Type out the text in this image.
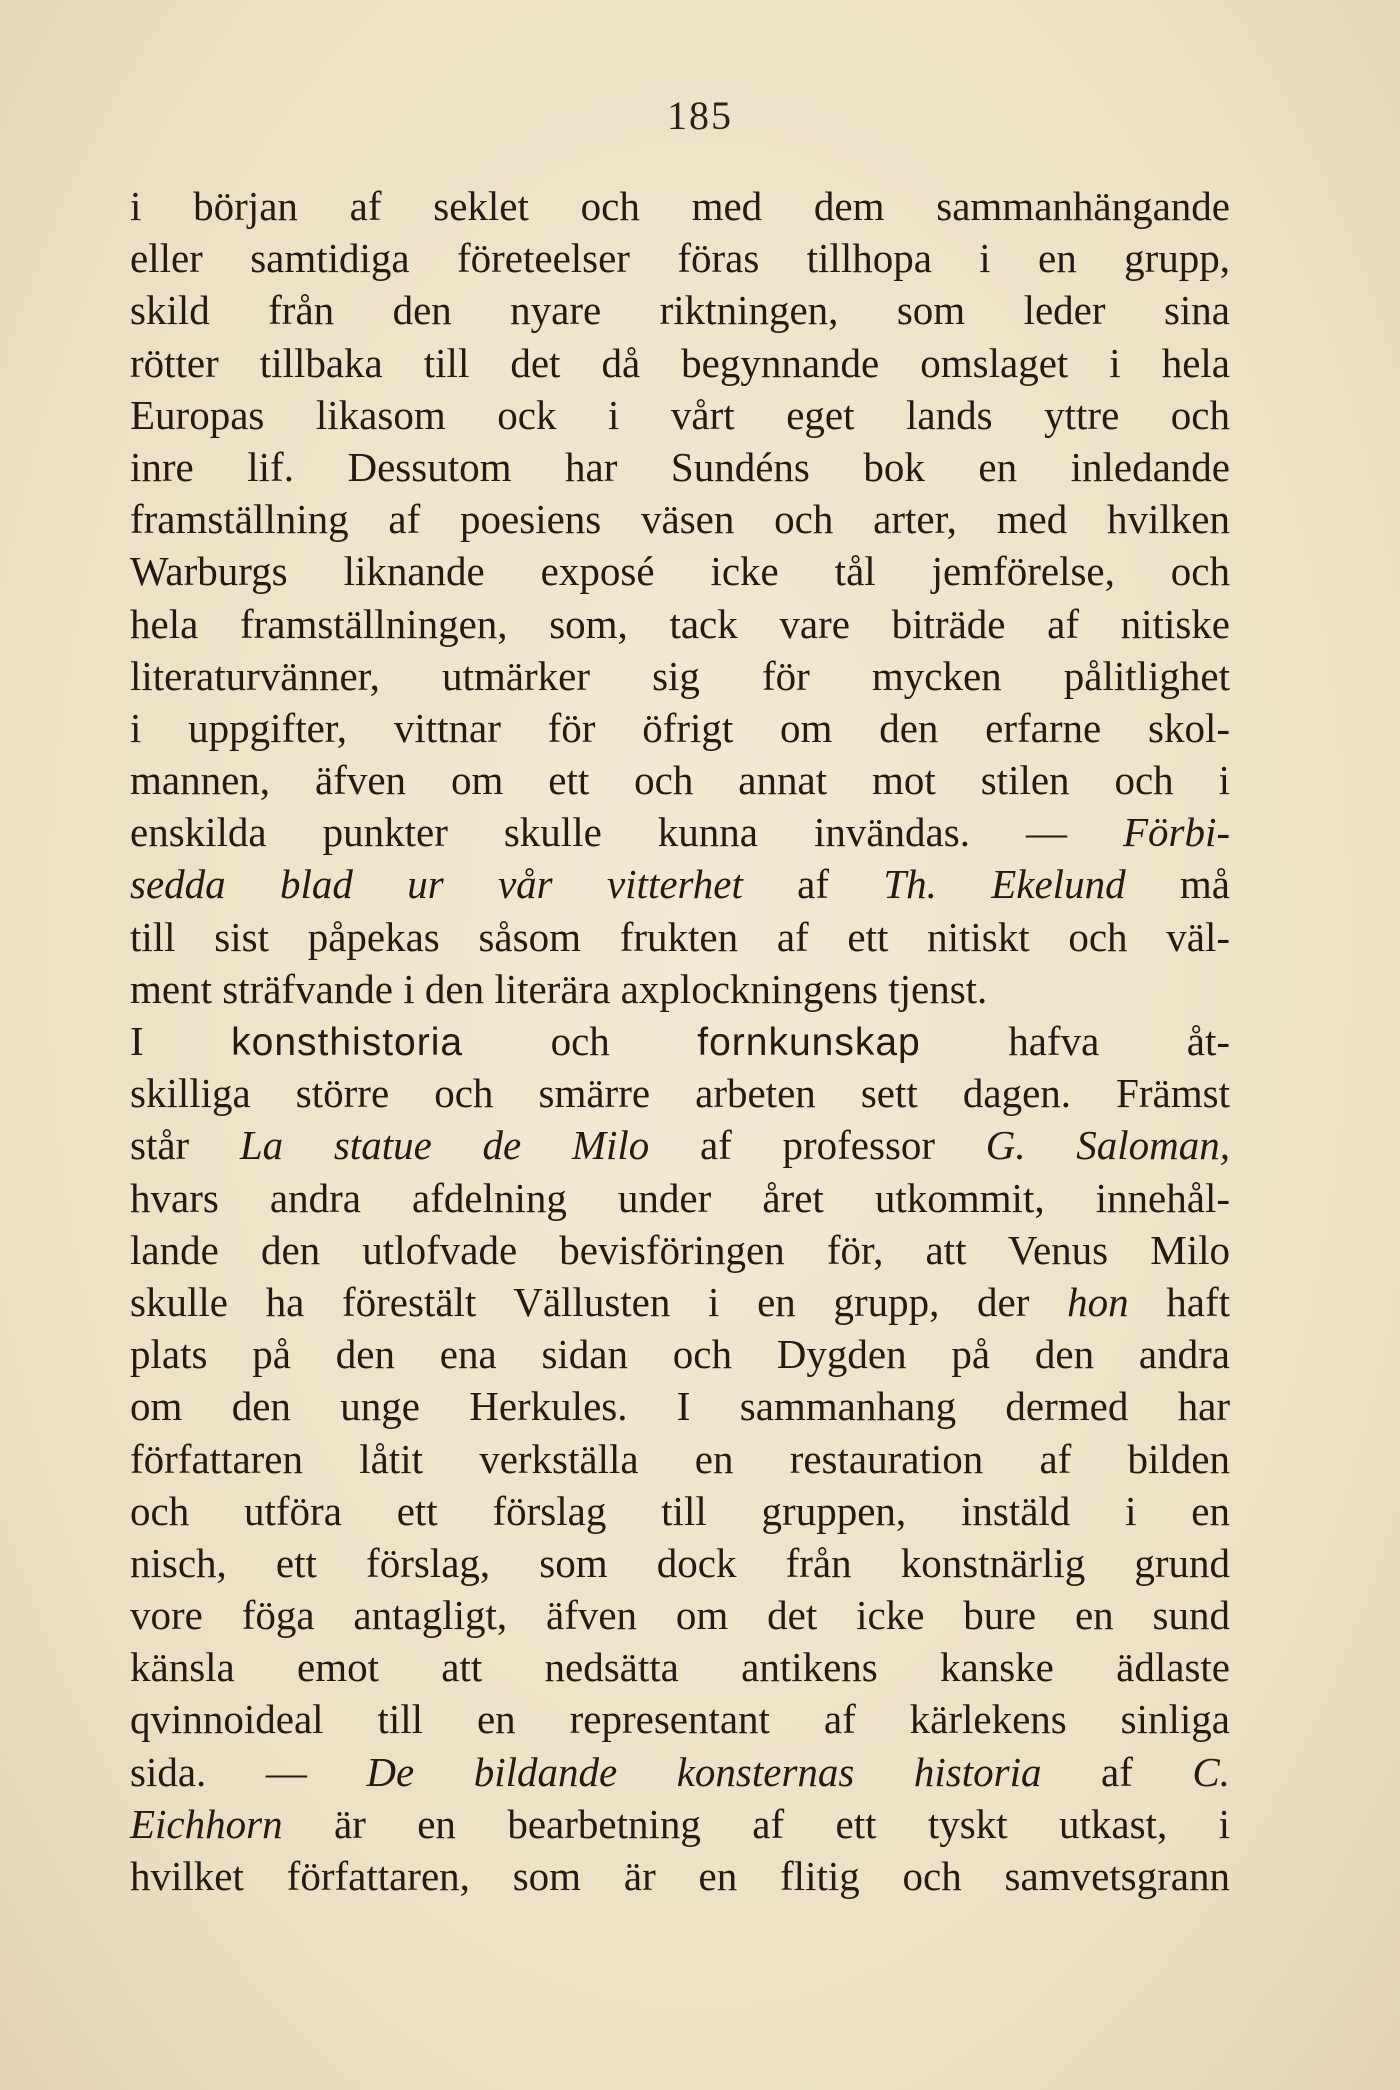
185
i början af seklet och med dem sammanhängande
eller samtidiga företeelser föras tillhopa i en grupp,
skild från den nyare riktningen, som leder sina
rötter tillbaka till det då begynnande omslaget i hela
Europas likasom ock i vårt eget lands yttre och
inre lif. Dessutom har Sundéns bok en inledande
framställning af poesiens väsen och arter, med hvilken
Warburgs liknande exposé icke tål jemförelse, och
hela framställningen, som, tack vare biträde af nitiske
literaturvänner, utmärker sig för mycken pålitlighet
i uppgifter, vittnar för öfrigt om den erfarne skol-
mannen, äfven om ett och annat mot stilen och i
enskilda punkter skulle kunna invändas. — Förbi-
sedda blad ur vår vitterhet af Th. Ekelund må
till sist påpekas såsom frukten af ett nitiskt och väl-
ment sträfvande i den literära axplockningens tjenst.
I konsthistoria och fornkunskap hafva åt-
skilliga större och smärre arbeten sett dagen. Främst
står La statue de Milo af professor G. Saloman,
hvars andra afdelning under året utkommit, innehål-
lande den utlofvade bevisföringen för, att Venus Milo
skulle ha förestält Vällusten i en grupp, der hon haft
plats på den ena sidan och Dygden på den andra
om den unge Herkules. I sammanhang dermed har
författaren låtit verkställa en restauration af bilden
och utföra ett förslag till gruppen, instäld i en
nisch, ett förslag, som dock från konstnärlig grund
vore föga antagligt, äfven om det icke bure en sund
känsla emot att nedsätta antikens kanske ädlaste
qvinnoideal till en representant af kärlekens sinliga
sida. — De bildande konsternas historia af C.
Eichhorn är en bearbetning af ett tyskt utkast, i
hvilket författaren, som är en flitig och samvetsgrann
